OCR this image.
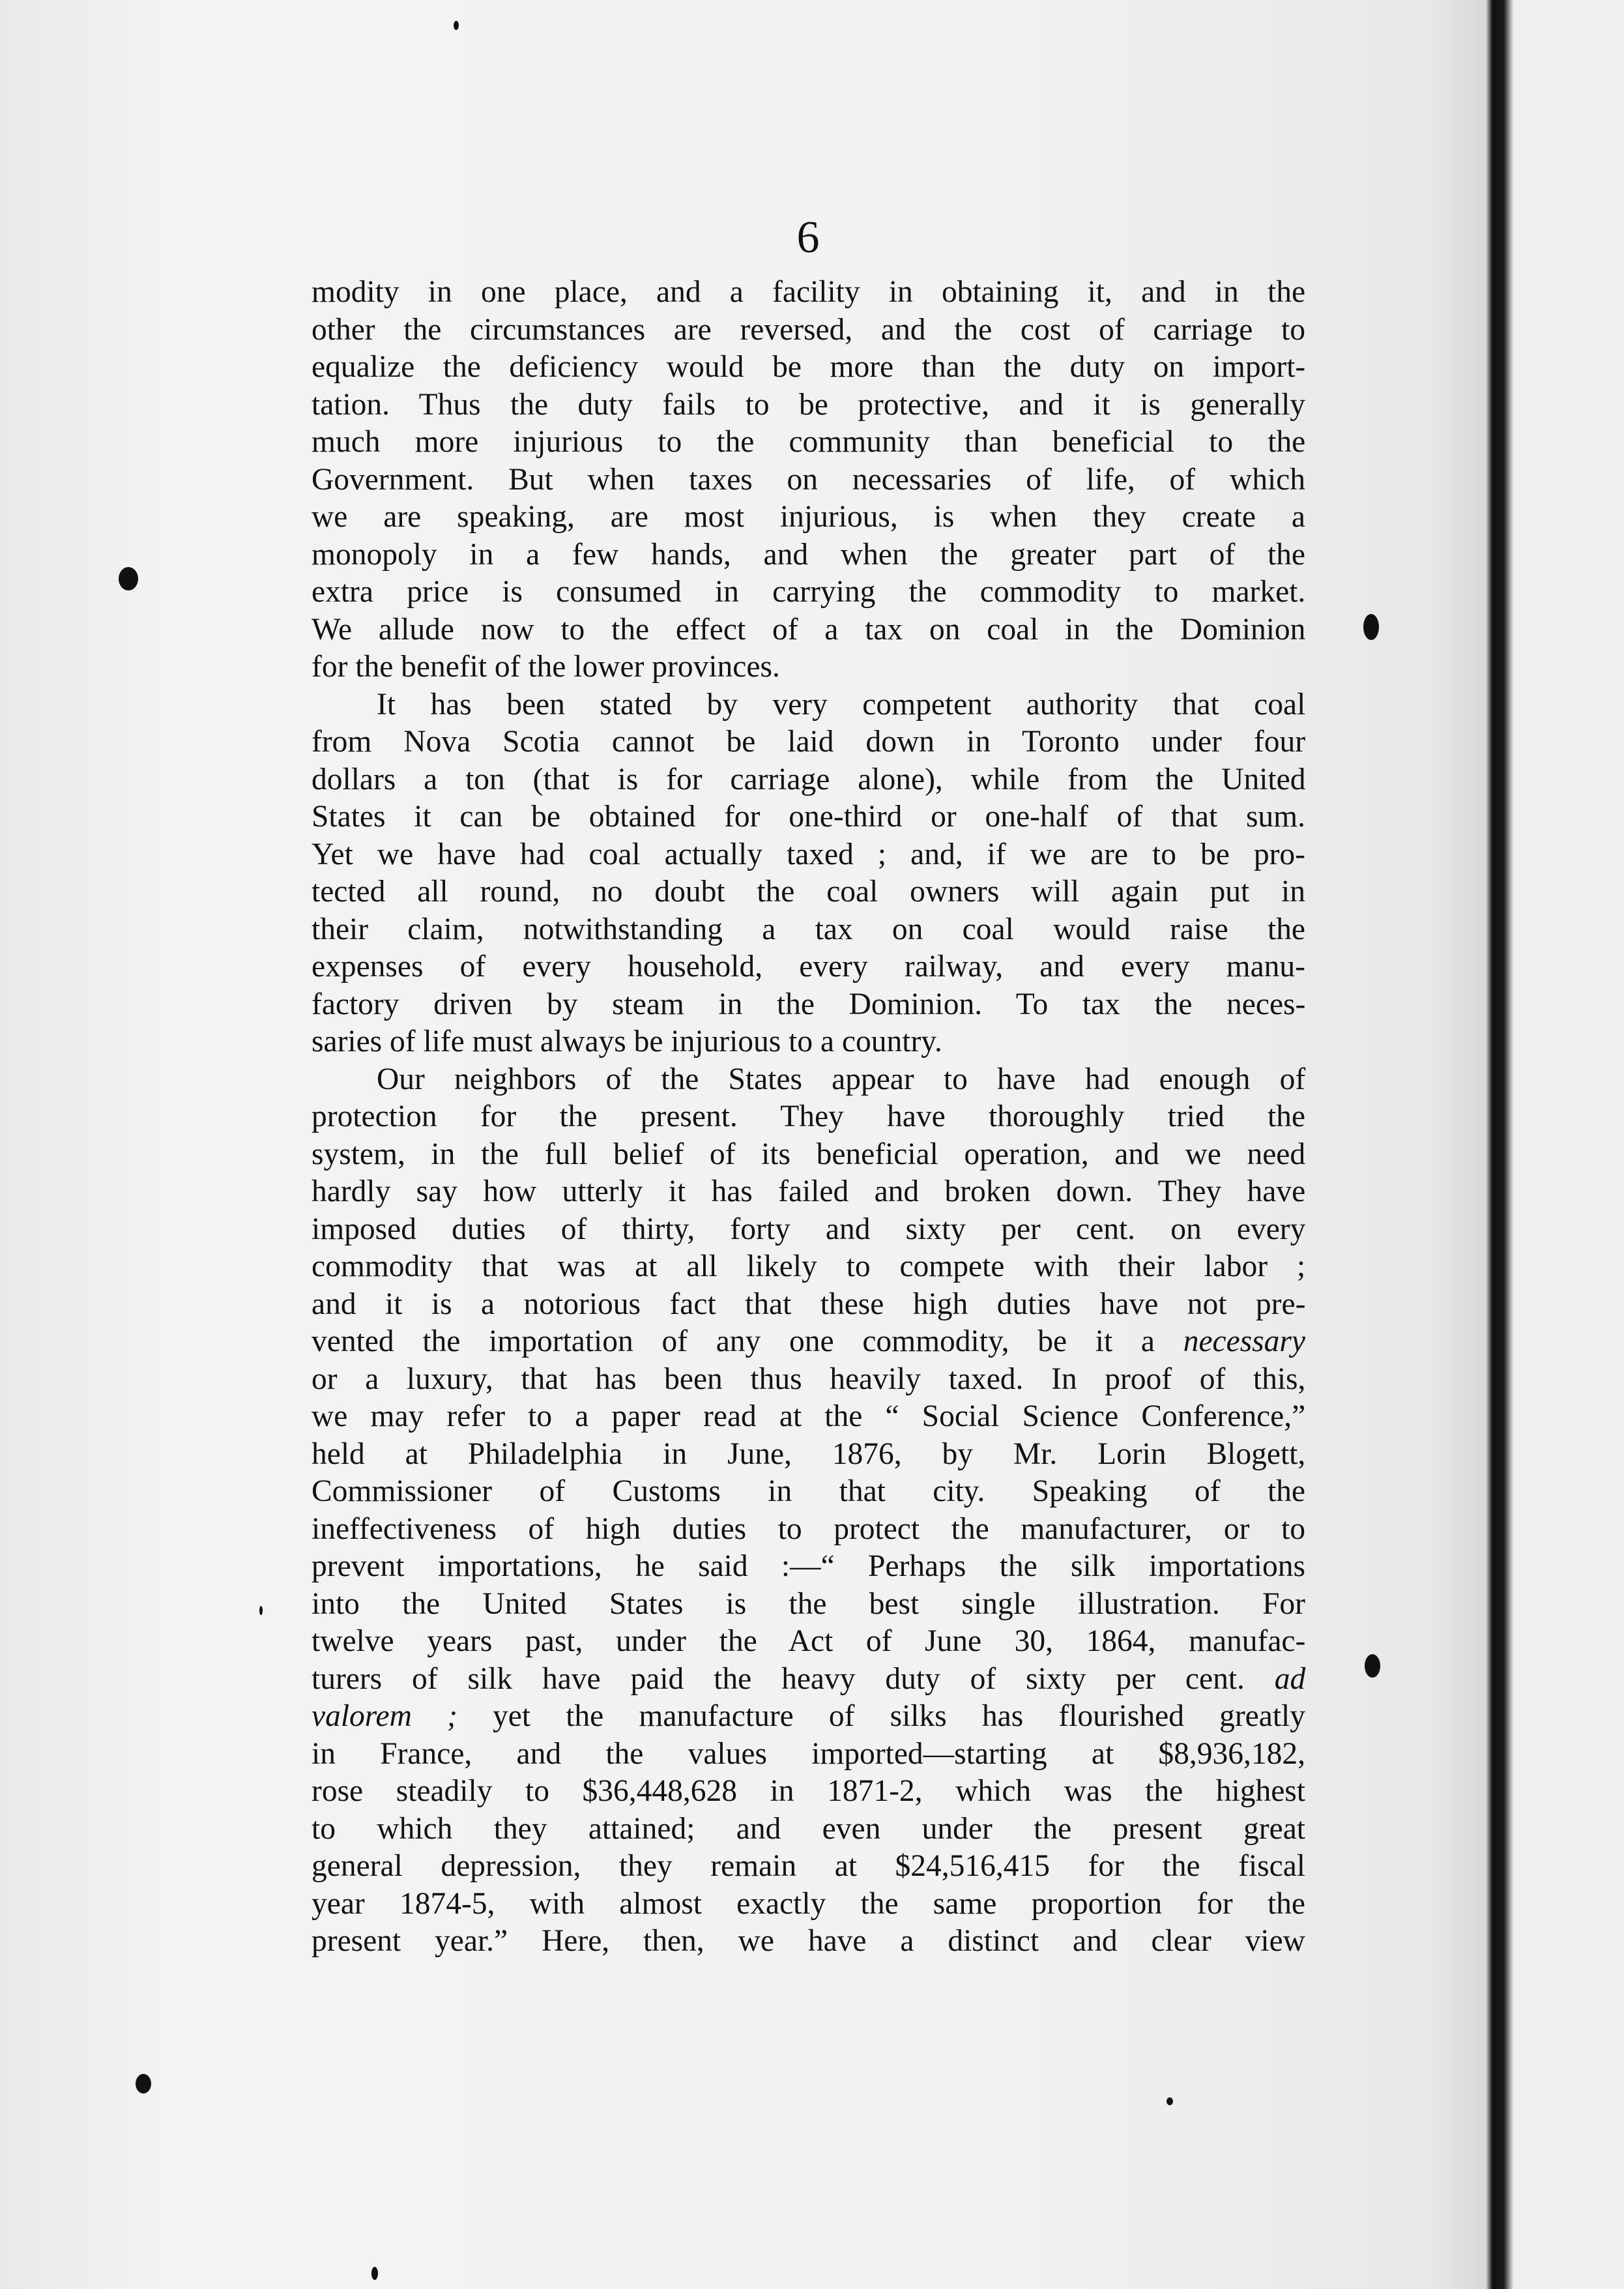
6
modity in one place, and a facility in obtaining it, and in the
other the circumstances are reversed, and the cost of carriage to
equalize the deficiency would be more than the duty on import-
tation. Thus the duty fails to be protective, and it is generally
much more injurious to the community than beneficial to the
Government. But when taxes on necessaries of life, of which
we are speaking, are most injurious, is when they create a
monopoly in a few hands, and when the greater part of the
extra price is consumed in carrying the commodity to market.
We allude now to the effect of a tax on coal in the Dominion
for the benefit of the lower provinces.
It has been stated by very competent authority that coal
from Nova Scotia cannot be laid down in Toronto under four
dollars a ton (that is for carriage alone), while from the United
States it can be obtained for one-third or one-half of that sum.
Yet we have had coal actually taxed ; and, if we are to be pro-
tected all round, no doubt the coal owners will again put in
their claim, notwithstanding a tax on coal would raise the
expenses of every household, every railway, and every manu-
factory driven by steam in the Dominion. To tax the neces-
saries of life must always be injurious to a country.
Our neighbors of the States appear to have had enough of
protection for the present. They have thoroughly tried the
system, in the full belief of its beneficial operation, and we need
hardly say how utterly it has failed and broken down. They have
imposed duties of thirty, forty and sixty per cent. on every
commodity that was at all likely to compete with their labor ;
and it is a notorious fact that these high duties have not pre-
vented the importation of any one commodity, be it a necessary
or a luxury, that has been thus heavily taxed. In proof of this,
we may refer to a paper read at the “ Social Science Conference,”
held at Philadelphia in June, 1876, by Mr. Lorin Blogett,
Commissioner of Customs in that city. Speaking of the
ineffectiveness of high duties to protect the manufacturer, or to
prevent importations, he said :—“ Perhaps the silk importations
into the United States is the best single illustration. For
twelve years past, under the Act of June 30, 1864, manufac-
turers of silk have paid the heavy duty of sixty per cent. ad
valorem ; yet the manufacture of silks has flourished greatly
in France, and the values imported—starting at $8,936,182,
rose steadily to $36,448,628 in 1871-2, which was the highest
to which they attained; and even under the present great
general depression, they remain at $24,516,415 for the fiscal
year 1874-5, with almost exactly the same proportion for the
present year.” Here, then, we have a distinct and clear view
